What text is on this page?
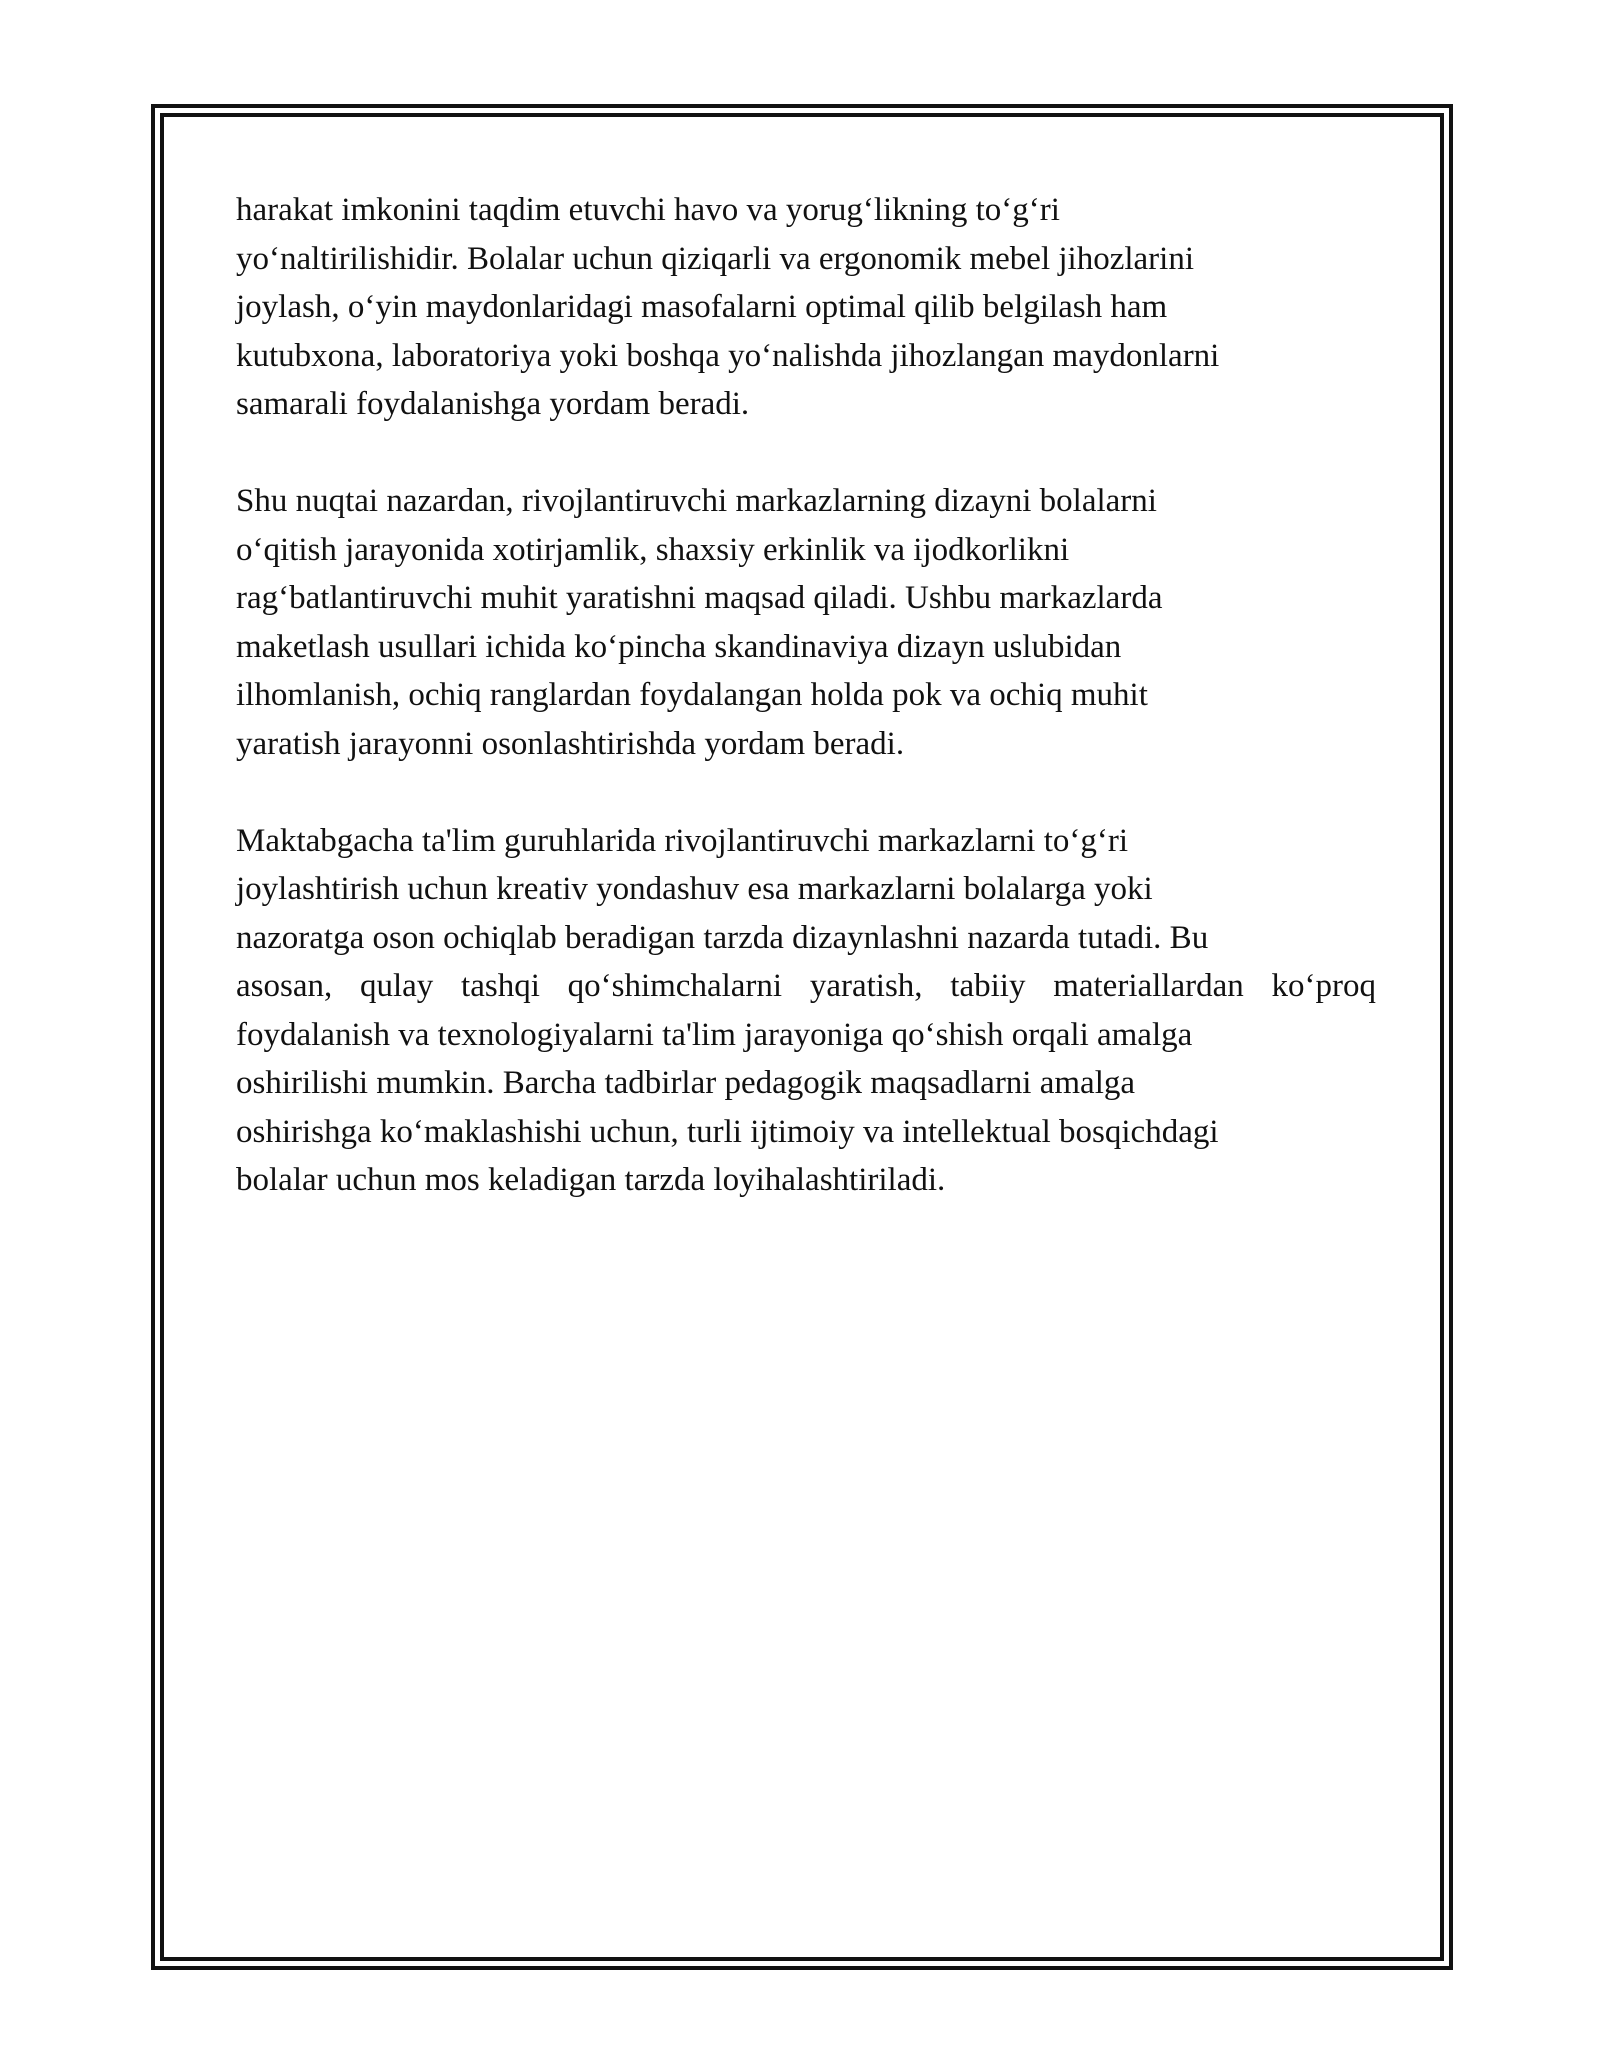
harakat imkonini taqdim etuvchi havo va yorug‘likning to‘g‘ri
yo‘naltirilishidir. Bolalar uchun qiziqarli va ergonomik mebel jihozlarini
joylash, o‘yin maydonlaridagi masofalarni optimal qilib belgilash ham
kutubxona, laboratoriya yoki boshqa yo‘nalishda jihozlangan maydonlarni
samarali foydalanishga yordam beradi.

Shu nuqtai nazardan, rivojlantiruvchi markazlarning dizayni bolalarni
o‘qitish jarayonida xotirjamlik, shaxsiy erkinlik va ijodkorlikni
rag‘batlantiruvchi muhit yaratishni maqsad qiladi. Ushbu markazlarda
maketlash usullari ichida ko‘pincha skandinaviya dizayn uslubidan
ilhomlanish, ochiq ranglardan foydalangan holda pok va ochiq muhit
yaratish jarayonni osonlashtirishda yordam beradi.

Maktabgacha ta'lim guruhlarida rivojlantiruvchi markazlarni to‘g‘ri
joylashtirish uchun kreativ yondashuv esa markazlarni bolalarga yoki
nazoratga oson ochiqlab beradigan tarzda dizaynlashni nazarda tutadi. Bu
asosan, qulay tashqi qo‘shimchalarni yaratish, tabiiy materiallardan ko‘proq
foydalanish va texnologiyalarni ta'lim jarayoniga qo‘shish orqali amalga
oshirilishi mumkin. Barcha tadbirlar pedagogik maqsadlarni amalga
oshirishga ko‘maklashishi uchun, turli ijtimoiy va intellektual bosqichdagi
bolalar uchun mos keladigan tarzda loyihalashtiriladi.
